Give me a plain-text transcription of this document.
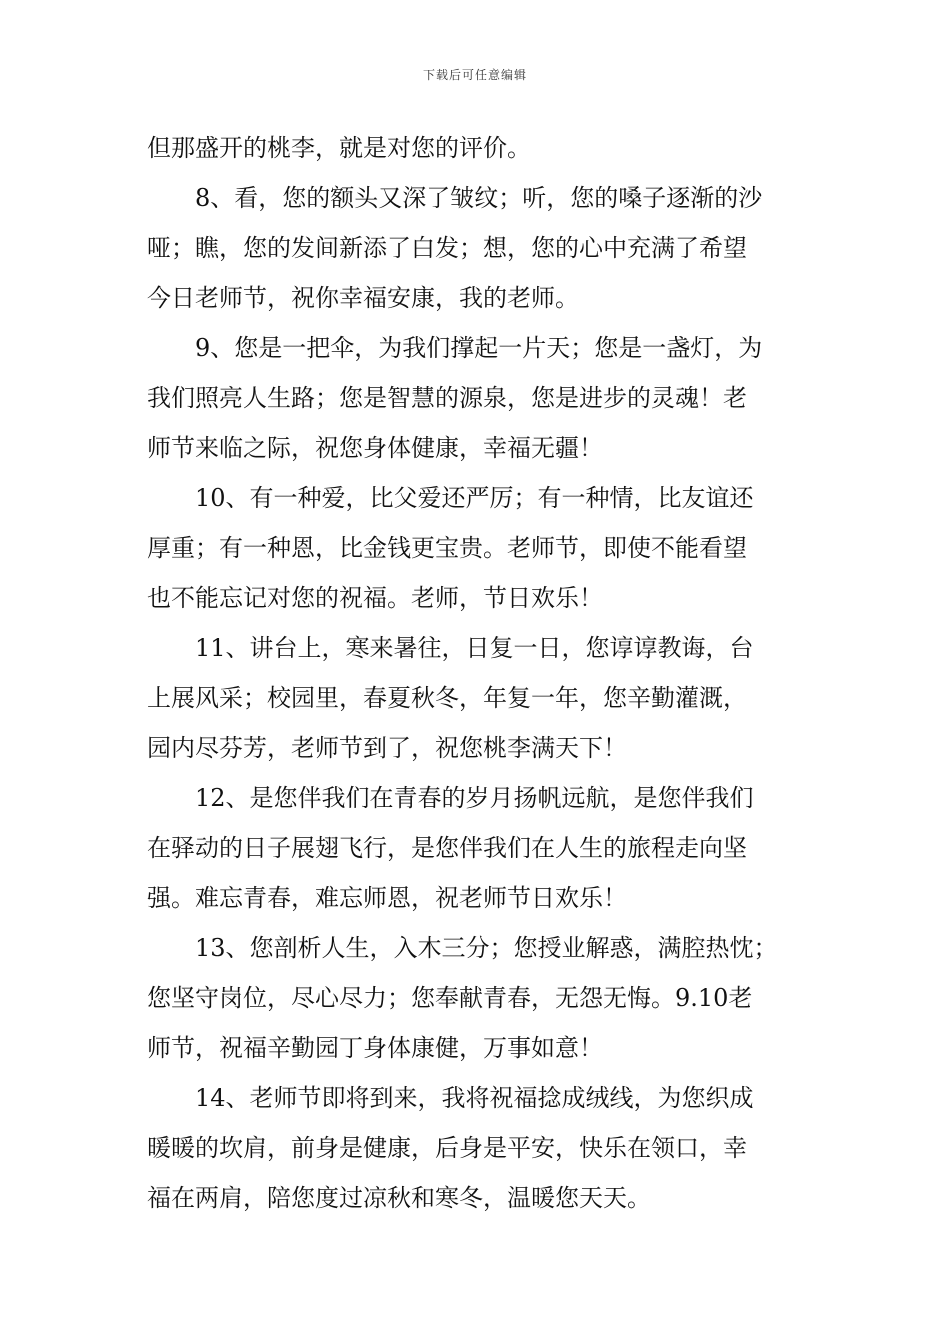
下载后可任意编辑
但那盛开的桃李，就是对您的评价。
8、看，您的额头又深了皱纹；听，您的嗓子逐渐的沙
哑；瞧，您的发间新添了白发；想，您的心中充满了希望
今日老师节，祝你幸福安康，我的老师。
9、您是一把伞，为我们撑起一片天；您是一盏灯，为
我们照亮人生路；您是智慧的源泉，您是进步的灵魂！老
师节来临之际，祝您身体健康，幸福无疆！
10、有一种爱，比父爱还严厉；有一种情，比友谊还
厚重；有一种恩，比金钱更宝贵。老师节，即使不能看望
也不能忘记对您的祝福。老师，节日欢乐！
11、讲台上，寒来暑往，日复一日，您谆谆教诲，台
上展风采；校园里，春夏秋冬，年复一年，您辛勤灌溉，
园内尽芬芳，老师节到了，祝您桃李满天下！
12、是您伴我们在青春的岁月扬帆远航，是您伴我们
在驿动的日子展翅飞行，是您伴我们在人生的旅程走向坚
强。难忘青春，难忘师恩，祝老师节日欢乐！
13、您剖析人生，入木三分；您授业解惑，满腔热忱；
您坚守岗位，尽心尽力；您奉献青春，无怨无悔。9.10老
师节，祝福辛勤园丁身体康健，万事如意！
14、老师节即将到来，我将祝福捻成绒线，为您织成
暖暖的坎肩，前身是健康，后身是平安，快乐在领口，幸
福在两肩，陪您度过凉秋和寒冬，温暖您天天。
